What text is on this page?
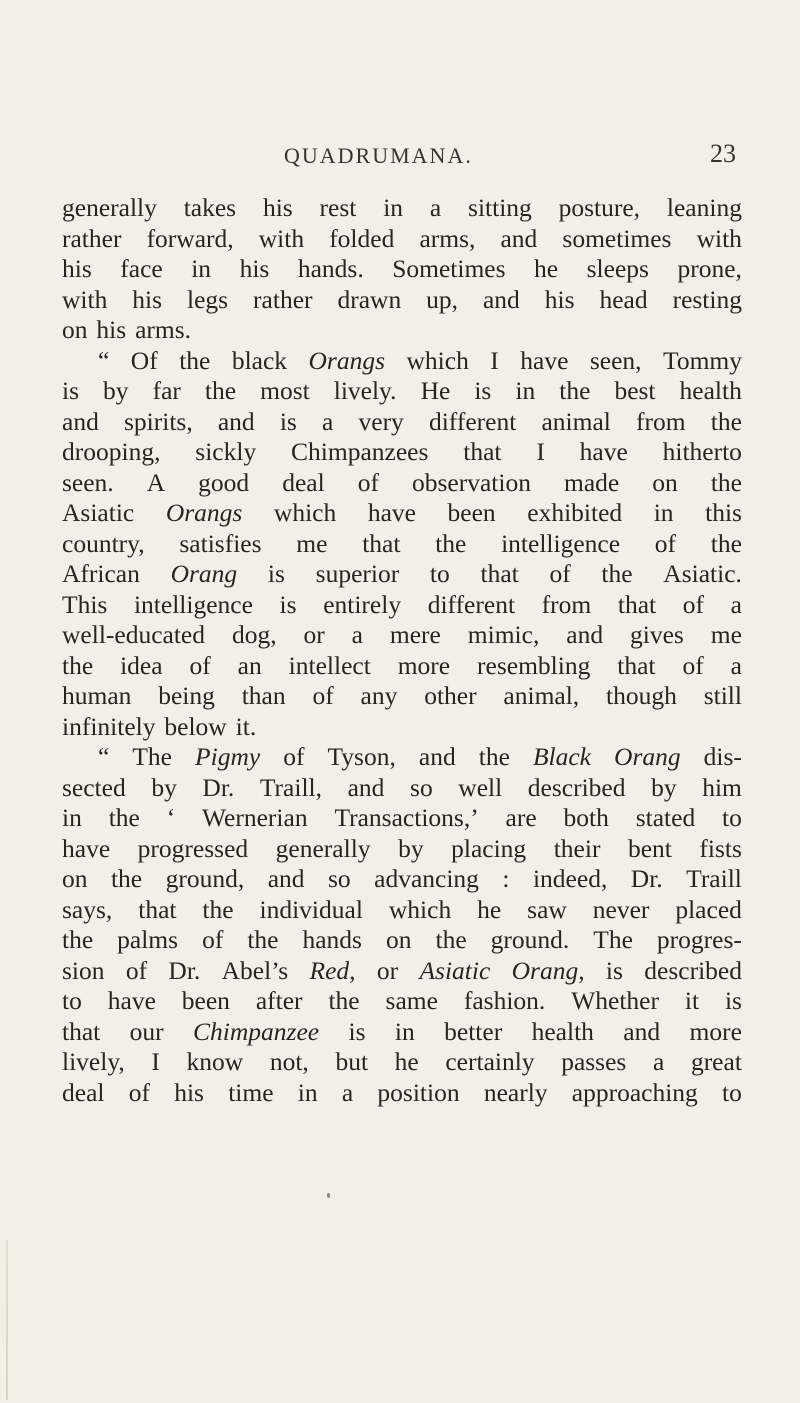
QUADRUMANA.	23
generally takes his rest in a sitting posture, leaning
rather forward, with folded arms, and sometimes with
his face in his hands. Sometimes he sleeps prone,
with his legs rather drawn up, and his head resting
on his arms.
“ Of the black Orangs which I have seen, Tommy
is by far the most lively. He is in the best health
and spirits, and is a very different animal from the
drooping, sickly Chimpanzees that I have hitherto
seen. A good deal of observation made on the
Asiatic Orangs which have been exhibited in this
country, satisfies me that the intelligence of the
African Orang is superior to that of the Asiatic.
This intelligence is entirely different from that of a
well-educated dog, or a mere mimic, and gives me
the idea of an intellect more resembling that of a
human being than of any other animal, though still
infinitely below it.
“ The Pigmy of Tyson, and the Black Orang dis-
sected by Dr. Traill, and so well described by him
in the ‘ Wernerian Transactions,’ are both stated to
have progressed generally by placing their bent fists
on the ground, and so advancing : indeed, Dr. Traill
says, that the individual which he saw never placed
the palms of the hands on the ground. The progres-
sion of Dr. Abel’s Red, or Asiatic Orang, is described
to have been after the same fashion. Whether it is
that our Chimpanzee is in better health and more
lively, I know not, but he certainly passes a great
deal of his time in a position nearly approaching to
